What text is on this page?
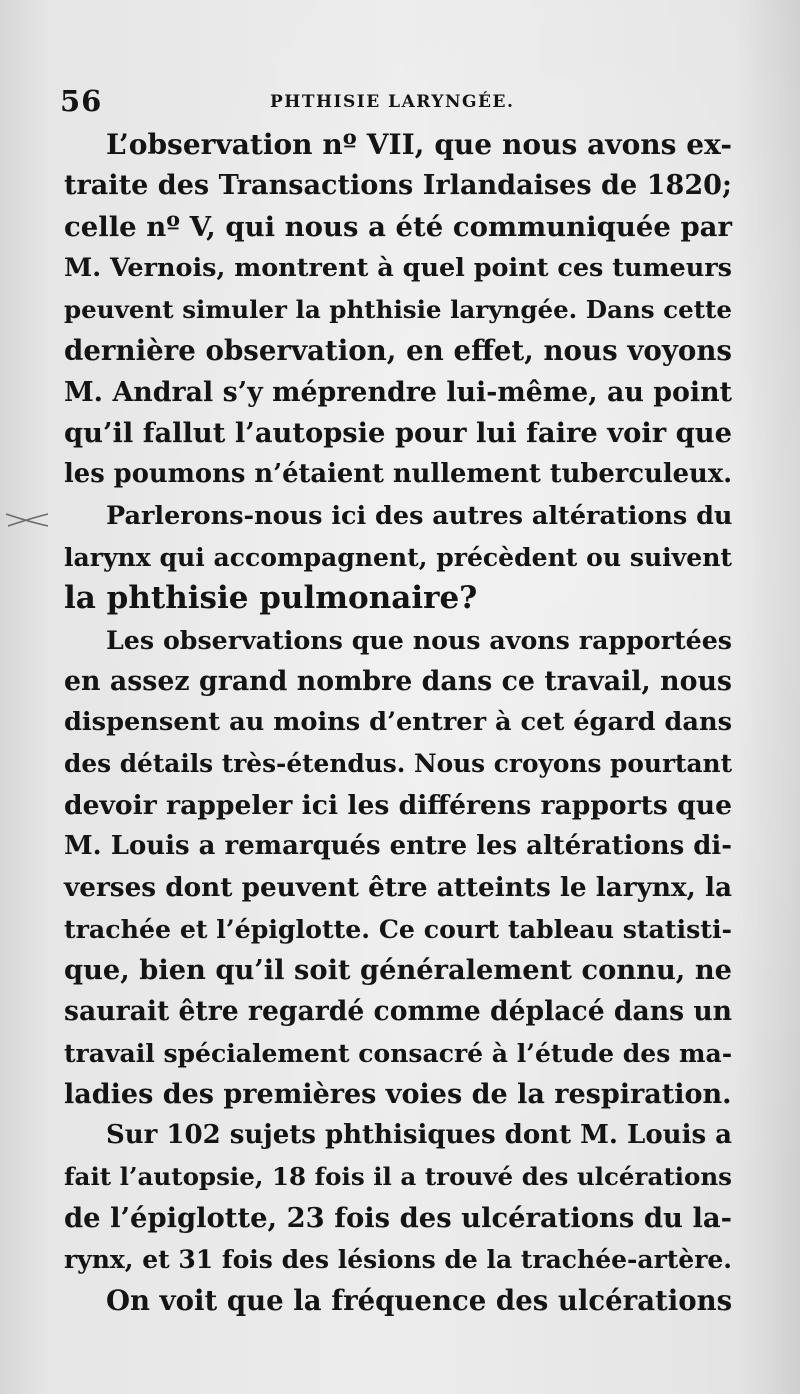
56	PHTHISIE LARYNGÉE.
L’observation nº VII, que nous avons ex-
traite des Transactions Irlandaises de 1820;
celle nº V, qui nous a été communiquée par
M. Vernois, montrent à quel point ces tumeurs
peuvent simuler la phthisie laryngée. Dans cette
dernière observation, en effet, nous voyons
M. Andral s’y méprendre lui-même, au point
qu’il fallut l’autopsie pour lui faire voir que
les poumons n’étaient nullement tuberculeux.
Parlerons-nous ici des autres altérations du
larynx qui accompagnent, précèdent ou suivent
la phthisie pulmonaire?
Les observations que nous avons rapportées
en assez grand nombre dans ce travail, nous
dispensent au moins d’entrer à cet égard dans
des détails très-étendus. Nous croyons pourtant
devoir rappeler ici les différens rapports que
M. Louis a remarqués entre les altérations di-
verses dont peuvent être atteints le larynx, la
trachée et l’épiglotte. Ce court tableau statisti-
que, bien qu’il soit généralement connu, ne
saurait être regardé comme déplacé dans un
travail spécialement consacré à l’étude des ma-
ladies des premières voies de la respiration.
Sur 102 sujets phthisiques dont M. Louis a
fait l’autopsie, 18 fois il a trouvé des ulcérations
de l’épiglotte, 23 fois des ulcérations du la-
rynx, et 31 fois des lésions de la trachée-artère.
On voit que la fréquence des ulcérations
